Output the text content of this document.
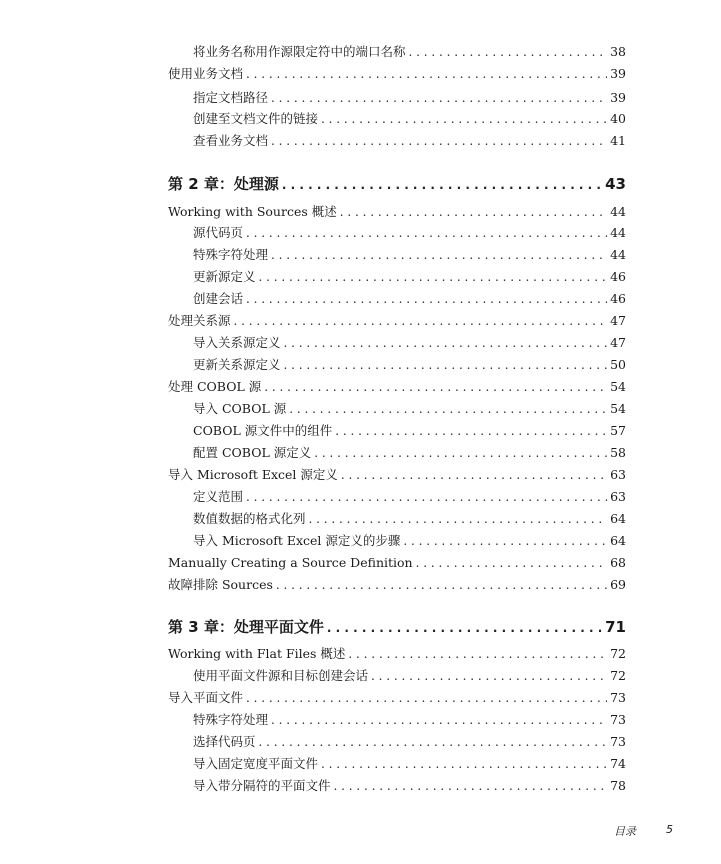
将业务名称用作源限定符中的端口名称 . . .	38
使用业务文档 . . .	39
指定文档路径 . . .	39
创建至文档文件的链接 . . .	40
查看业务文档 . . .	41
第 2 章：处理源 . . .	43
Working with Sources 概述 . . .	44
源代码页 . . .	44
特殊字符处理 . . .	44
更新源定义 . . .	46
创建会话 . . .	46
处理关系源 . . .	47
导入关系源定义 . . .	47
更新关系源定义 . . .	50
处理 COBOL 源 . . .	54
导入 COBOL 源 . . .	54
COBOL 源文件中的组件 . . .	57
配置 COBOL 源定义 . . .	58
导入 Microsoft Excel 源定义 . . .	63
定义范围 . . .	63
数值数据的格式化列 . . .	64
导入 Microsoft Excel 源定义的步骤 . . .	64
Manually Creating a Source Definition . . .	68
故障排除 Sources . . .	69
第 3 章：处理平面文件 . . .	71
Working with Flat Files 概述 . . .	72
使用平面文件源和目标创建会话 . . .	72
导入平面文件 . . .	73
特殊字符处理 . . .	73
选择代码页 . . .	73
导入固定宽度平面文件 . . .	74
导入带分隔符的平面文件 . . .	78
目录	5
